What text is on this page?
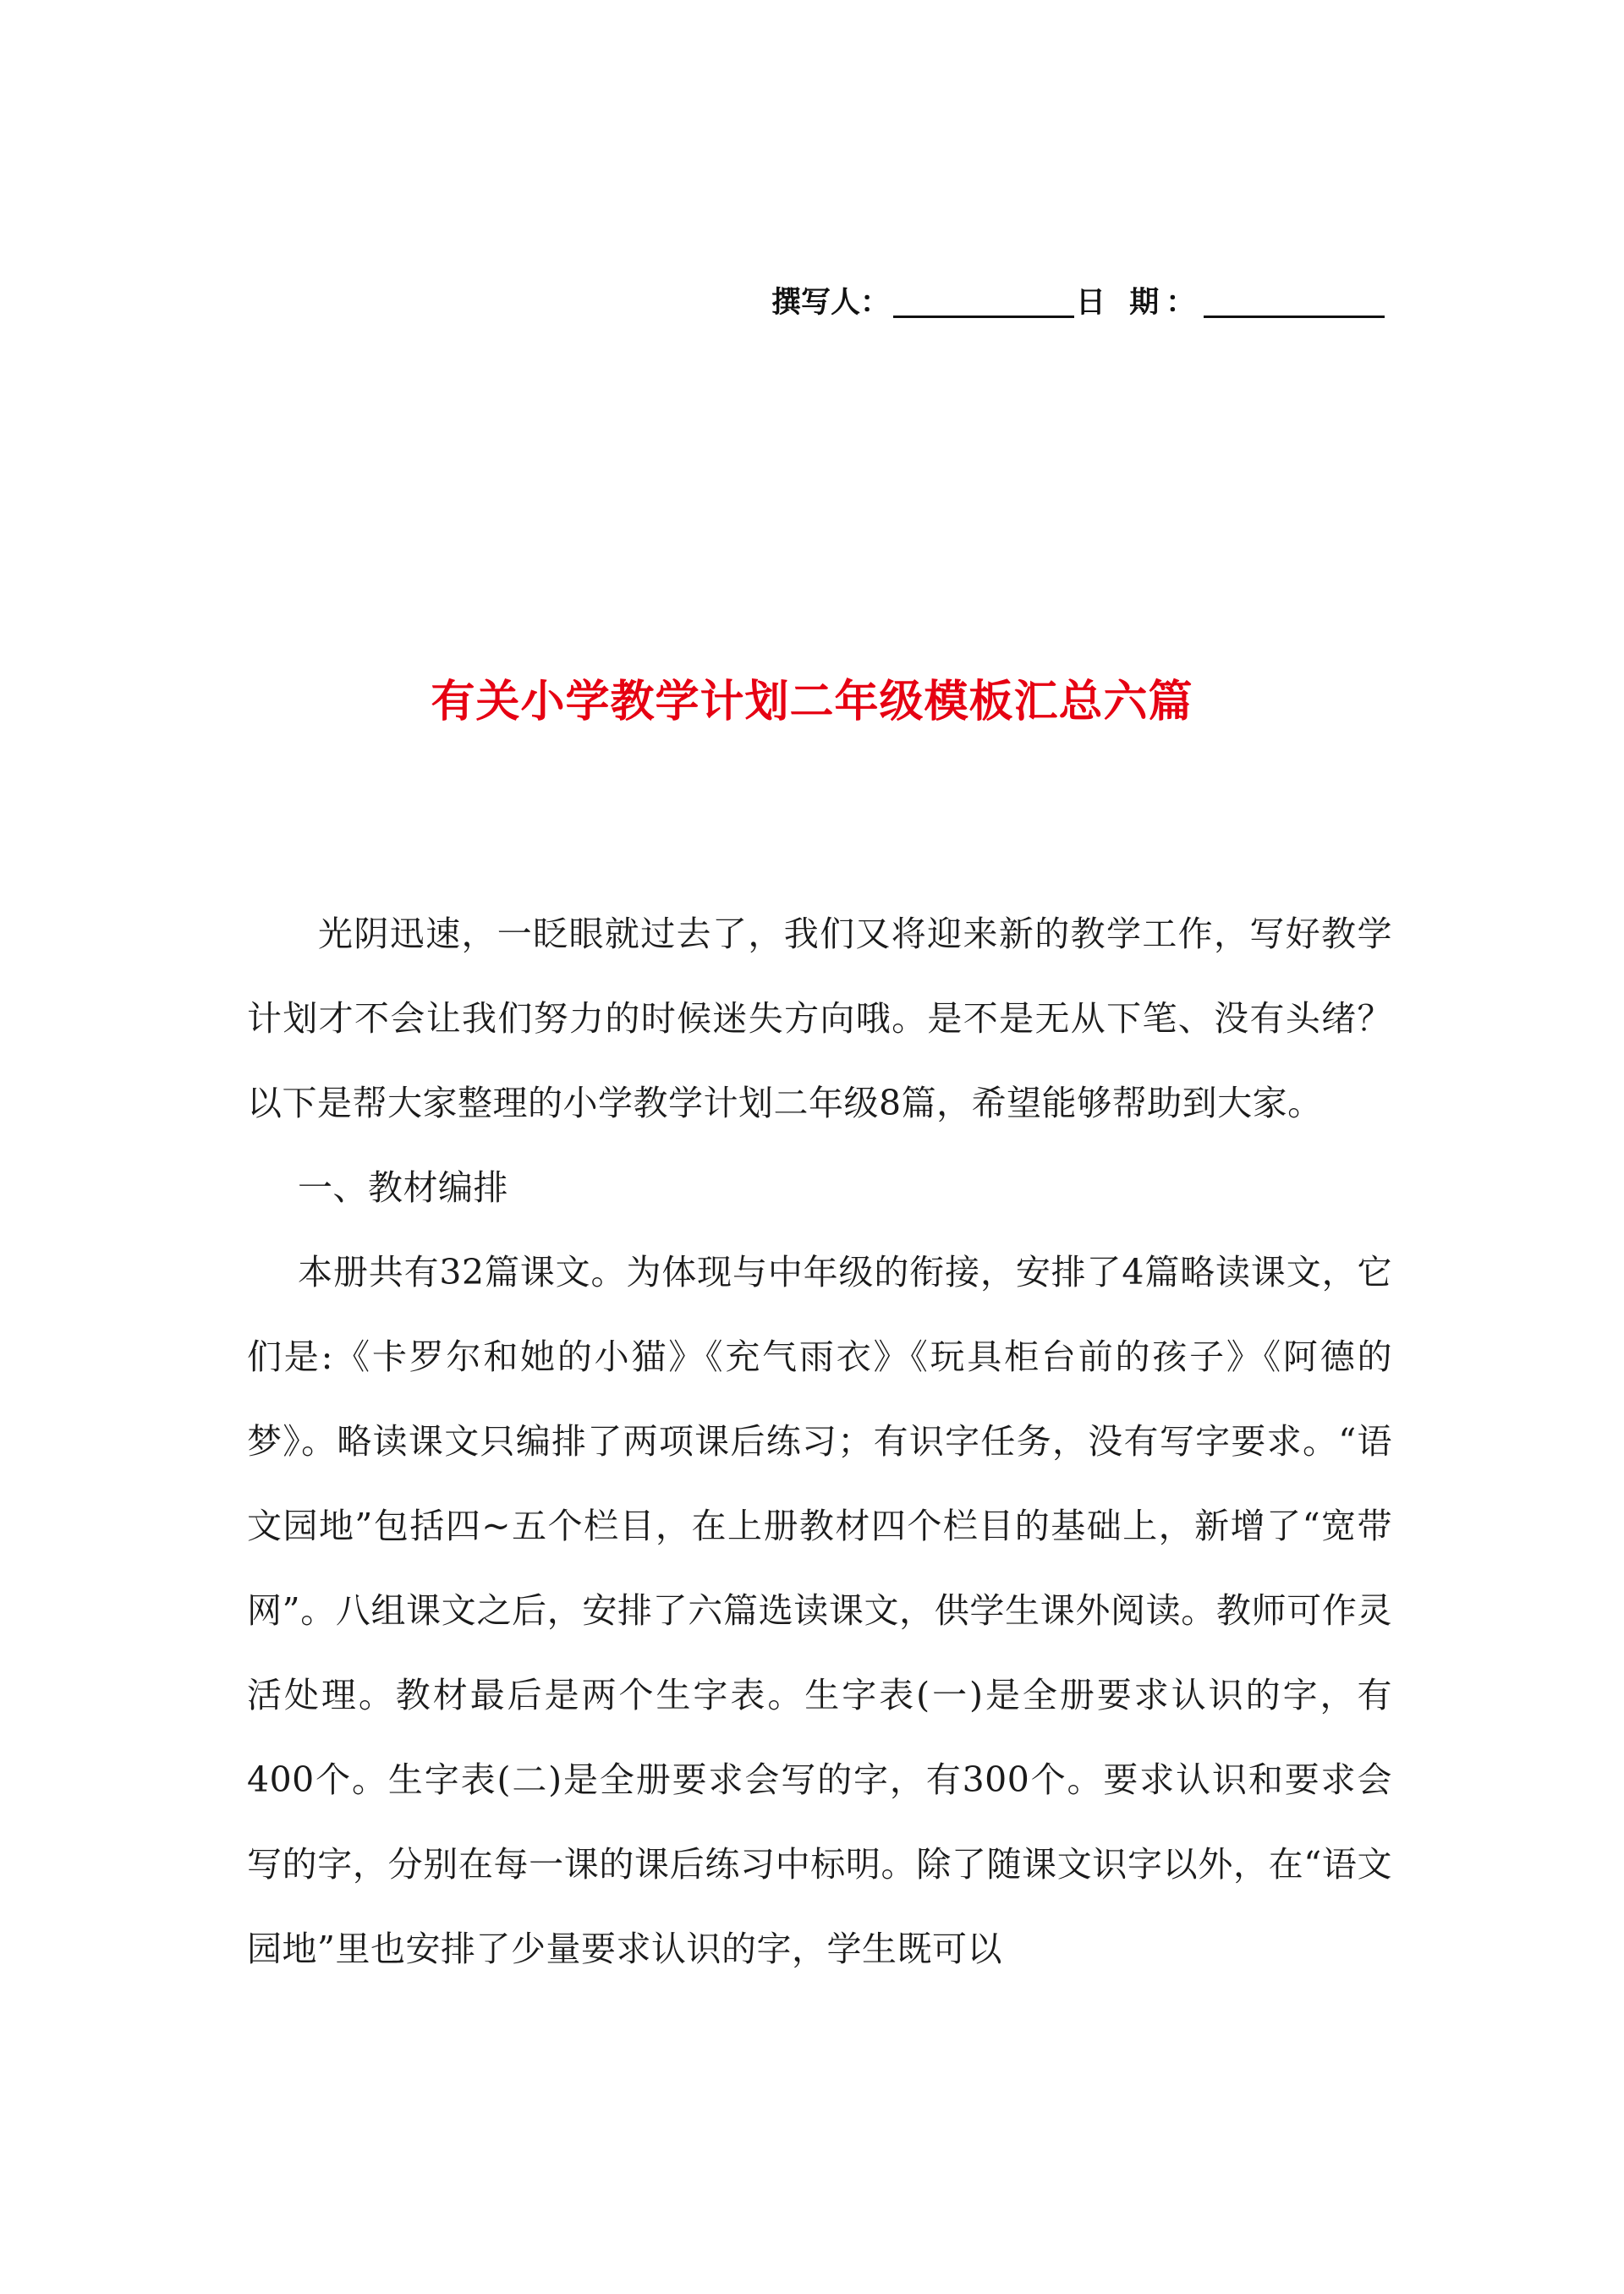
撰写人：	日 期：
有关小学教学计划二年级模板汇总六篇

光阴迅速，一眨眼就过去了，我们又将迎来新的教学工作，写好教学计划才不会让我们努力的时候迷失方向哦。是不是无从下笔、没有头绪？以下是帮大家整理的小学教学计划二年级8篇，希望能够帮助到大家。

一、教材编排

本册共有32篇课文。为体现与中年级的衔接，安排了4篇略读课文，它们是:《卡罗尔和她的小猫》《充气雨衣》《玩具柜台前的孩子》《阿德的梦》。略读课文只编排了两项课后练习；有识字任务，没有写字要求。“语文园地”包括四~五个栏目，在上册教材四个栏目的基础上，新增了“宽带网”。八组课文之后，安排了六篇选读课文，供学生课外阅读。教师可作灵活处理。教材最后是两个生字表。生字表(一)是全册要求认识的字，有400个。生字表(二)是全册要求会写的字，有300个。要求认识和要求会写的字，分别在每一课的课后练习中标明。除了随课文识字以外，在“语文园地”里也安排了少量要求认识的字，学生既可以
